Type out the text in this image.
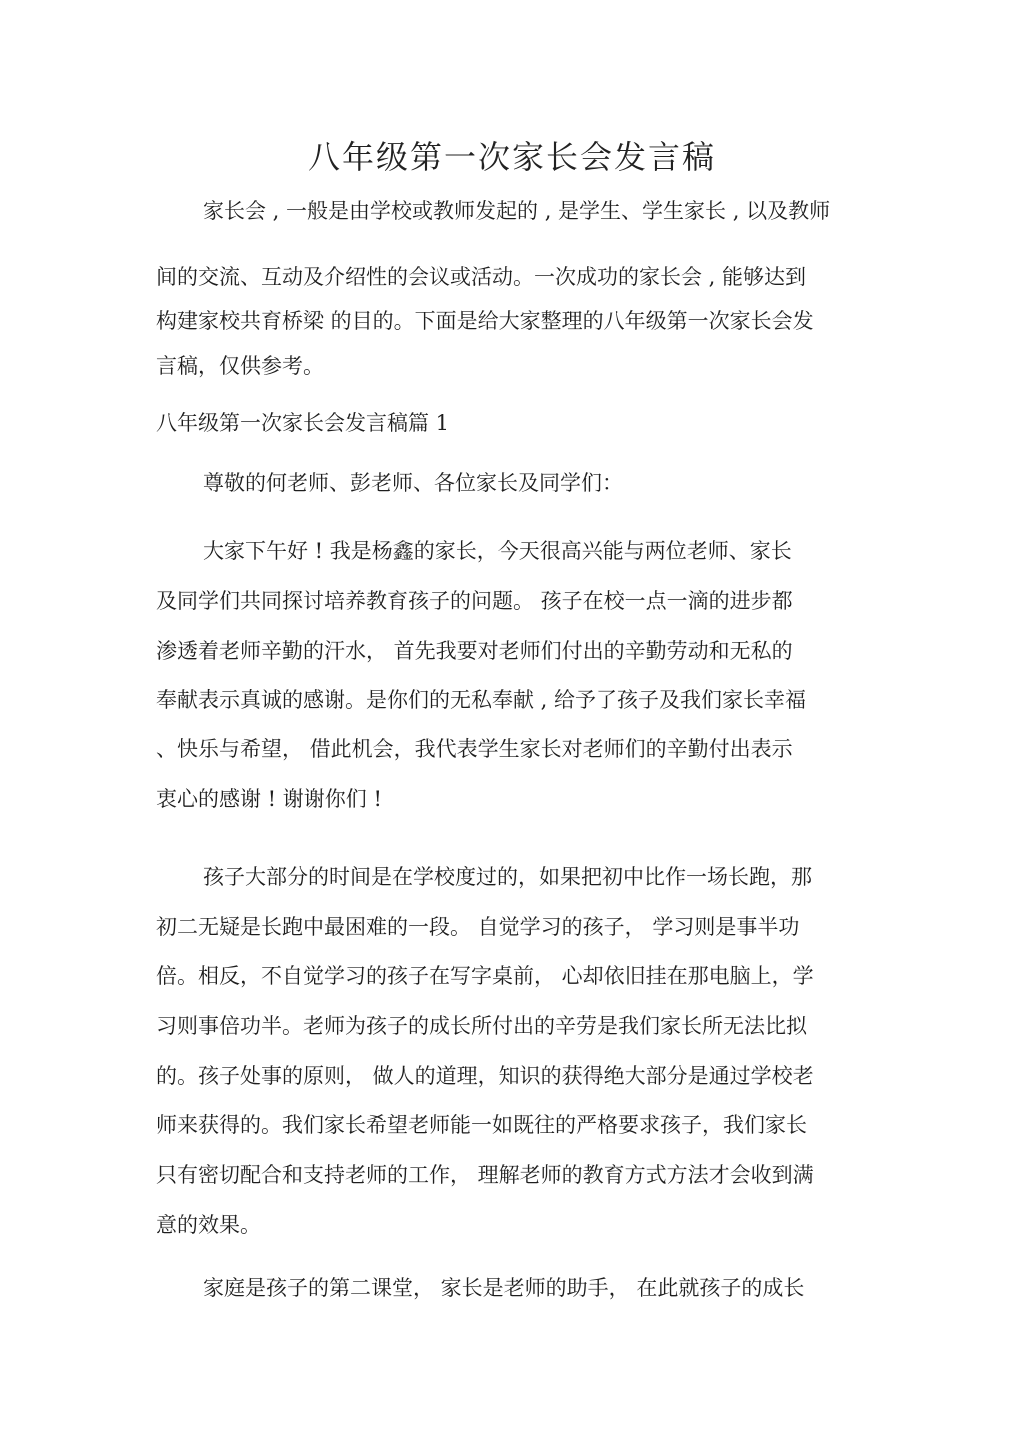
八年级第一次家长会发言稿
家长会 , 一般是由学校或教师发起的 , 是学生、学生家长 , 以及教师
间的交流、互动及介绍性的会议或活动。一次成功的家长会 , 能够达到
构建家校共育桥梁 的目的。下面是给大家整理的八年级第一次家长会发
言稿，仅供参考。
八年级第一次家长会发言稿篇 1
尊敬的何老师、彭老师、各位家长及同学们：
大家下午好 ! 我是杨鑫的家长，今天很高兴能与两位老师、家长
及同学们共同探讨培养教育孩子的问题。 孩子在校一点一滴的进步都
渗透着老师辛勤的汗水， 首先我要对老师们付出的辛勤劳动和无私的
奉献表示真诚的感谢。是你们的无私奉献 , 给予了孩子及我们家长幸福
、快乐与希望， 借此机会，我代表学生家长对老师们的辛勤付出表示
衷心的感谢 ! 谢谢你们 !
孩子大部分的时间是在学校度过的，如果把初中比作一场长跑，那
初二无疑是长跑中最困难的一段。 自觉学习的孩子， 学习则是事半功
倍。相反，不自觉学习的孩子在写字桌前， 心却依旧挂在那电脑上，学
习则事倍功半。老师为孩子的成长所付出的辛劳是我们家长所无法比拟
的。孩子处事的原则， 做人的道理，知识的获得绝大部分是通过学校老
师来获得的。我们家长希望老师能一如既往的严格要求孩子，我们家长
只有密切配合和支持老师的工作， 理解老师的教育方式方法才会收到满
意的效果。
家庭是孩子的第二课堂， 家长是老师的助手， 在此就孩子的成长
